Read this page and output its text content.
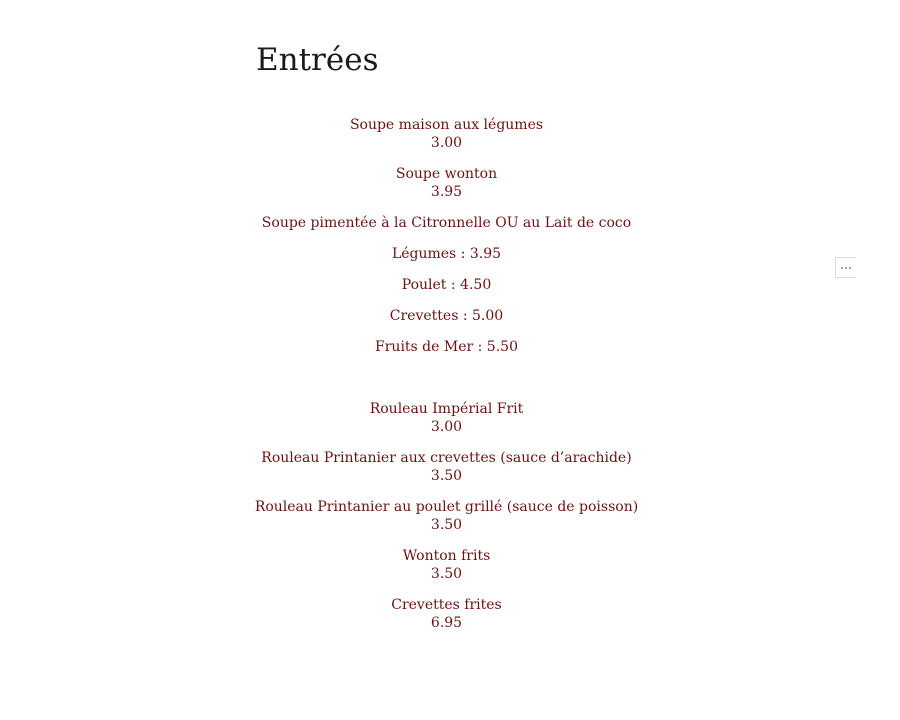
Entrées
Soupe maison aux légumes
3.00
Soupe wonton
3.95
Soupe pimentée à la Citronnelle OU au Lait de coco
Légumes : 3.95
Poulet : 4.50
Crevettes : 5.00
Fruits de Mer : 5.50
Rouleau Impérial Frit
3.00
Rouleau Printanier aux crevettes (sauce d’arachide)
3.50
Rouleau Printanier au poulet grillé (sauce de poisson)
3.50
Wonton frits
3.50
Crevettes frites
6.95
